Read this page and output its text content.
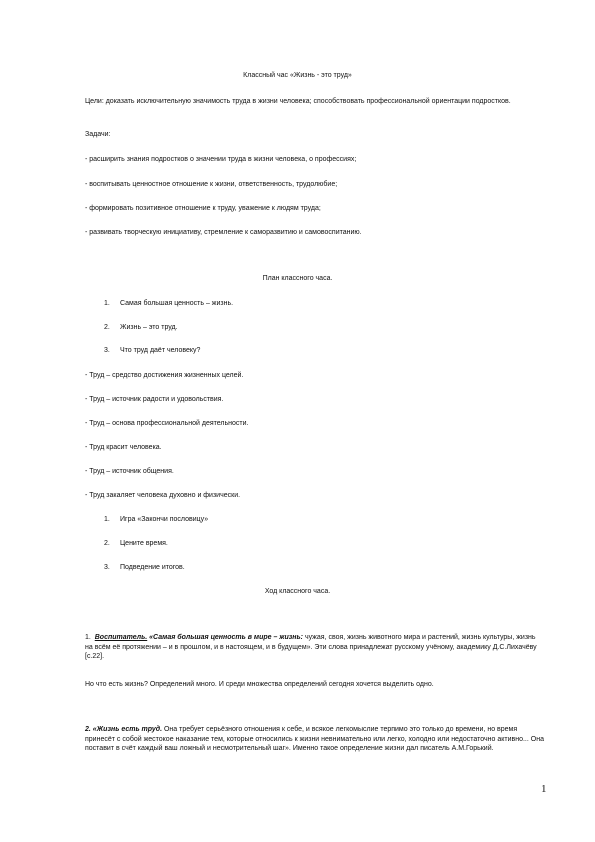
Классный час «Жизнь - это труд»
Цели: доказать исключительную значимость труда в жизни человека; способствовать профессиональной ориентации подростков.
Задачи:
- расширить знания подростков о значении труда в жизни человека, о профессиях;
- воспитывать ценностное отношение к жизни, ответственность, трудолюбие;
- формировать позитивное отношение к труду, уважение к людям труда;
- развивать творческую инициативу, стремление к саморазвитию и самовоспитанию.
План классного часа.
1. Самая большая ценность – жизнь.
2. Жизнь – это труд.
3. Что труд даёт человеку?
- Труд – средство достижения жизненных целей.
- Труд – источник радости и удовольствия.
- Труд – основа профессиональной деятельности.
- Труд красит человека.
- Труд – источник общения.
- Труд закаляет человека духовно и физически.
1. Игра «Закончи пословицу»
2. Цените время.
3. Подведение итогов.
Ход классного часа.
1. Воспитатель. «Самая большая ценность в мире – жизнь: чужая, своя, жизнь животного мира и растений, жизнь культуры, жизнь на всём её протяжении – и в прошлом, и в настоящем, и в будущем». Эти слова принадлежат русскому учёному, академику Д.С.Лихачёву [с.22].
Но что есть жизнь? Определений много. И среди множества определений сегодня хочется выделить одно.
2. «Жизнь есть труд. Она требует серьёзного отношения к себе, и всякое легкомыслие терпимо это только до времени, но время принесёт с собой жестокое наказание тем, которые относились к жизни невнимательно или легко, холодно или недостаточно активно... Она поставит в счёт каждый ваш ложный и несмотрительный шаг». Именно такое определение жизни дал писатель А.М.Горький.
1
